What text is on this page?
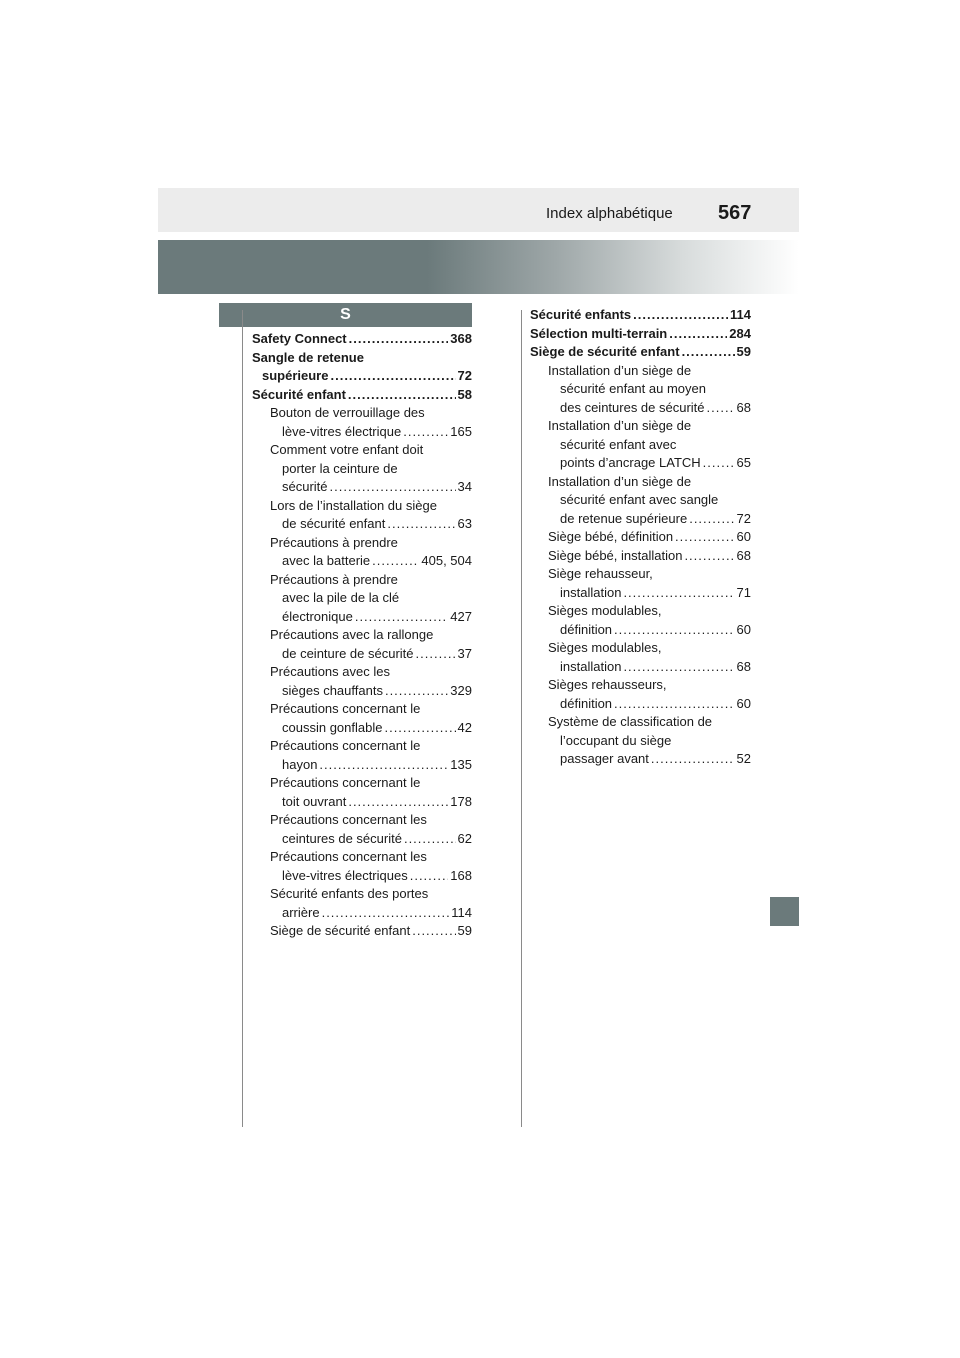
Index alphabétique 567
S
Safety Connect .....	368
Sangle de retenue
supérieure .....	72
Sécurité enfant .....	58
Bouton de verrouillage des
lève-vitres électrique .....	165
Comment votre enfant doit
porter la ceinture de
sécurité .....	34
Lors de l’installation du siège
de sécurité enfant .....	63
Précautions à prendre
avec la batterie .....	405, 504
Précautions à prendre
avec la pile de la clé
électronique .....	427
Précautions avec la rallonge
de ceinture de sécurité .....	37
Précautions avec les
sièges chauffants .....	329
Précautions concernant le
coussin gonflable .....	42
Précautions concernant le
hayon .....	135
Précautions concernant le
toit ouvrant .....	178
Précautions concernant les
ceintures de sécurité .....	62
Précautions concernant les
lève-vitres électriques .....	168
Sécurité enfants des portes
arrière .....	114
Siège de sécurité enfant .....	59
Sécurité enfants .....	114
Sélection multi-terrain .....	284
Siège de sécurité enfant .....	59
Installation d’un siège de
sécurité enfant au moyen
des ceintures de sécurité ..... 68
Installation d’un siège de
sécurité enfant avec
points d’ancrage LATCH .....	65
Installation d’un siège de
sécurité enfant avec sangle
de retenue supérieure .....	72
Siège bébé, définition .....	60
Siège bébé, installation .....	68
Siège rehausseur,
installation .....	71
Sièges modulables,
définition .....	60
Sièges modulables,
installation .....	68
Sièges rehausseurs,
définition .....	60
Système de classification de
l’occupant du siège
passager avant .....	52
